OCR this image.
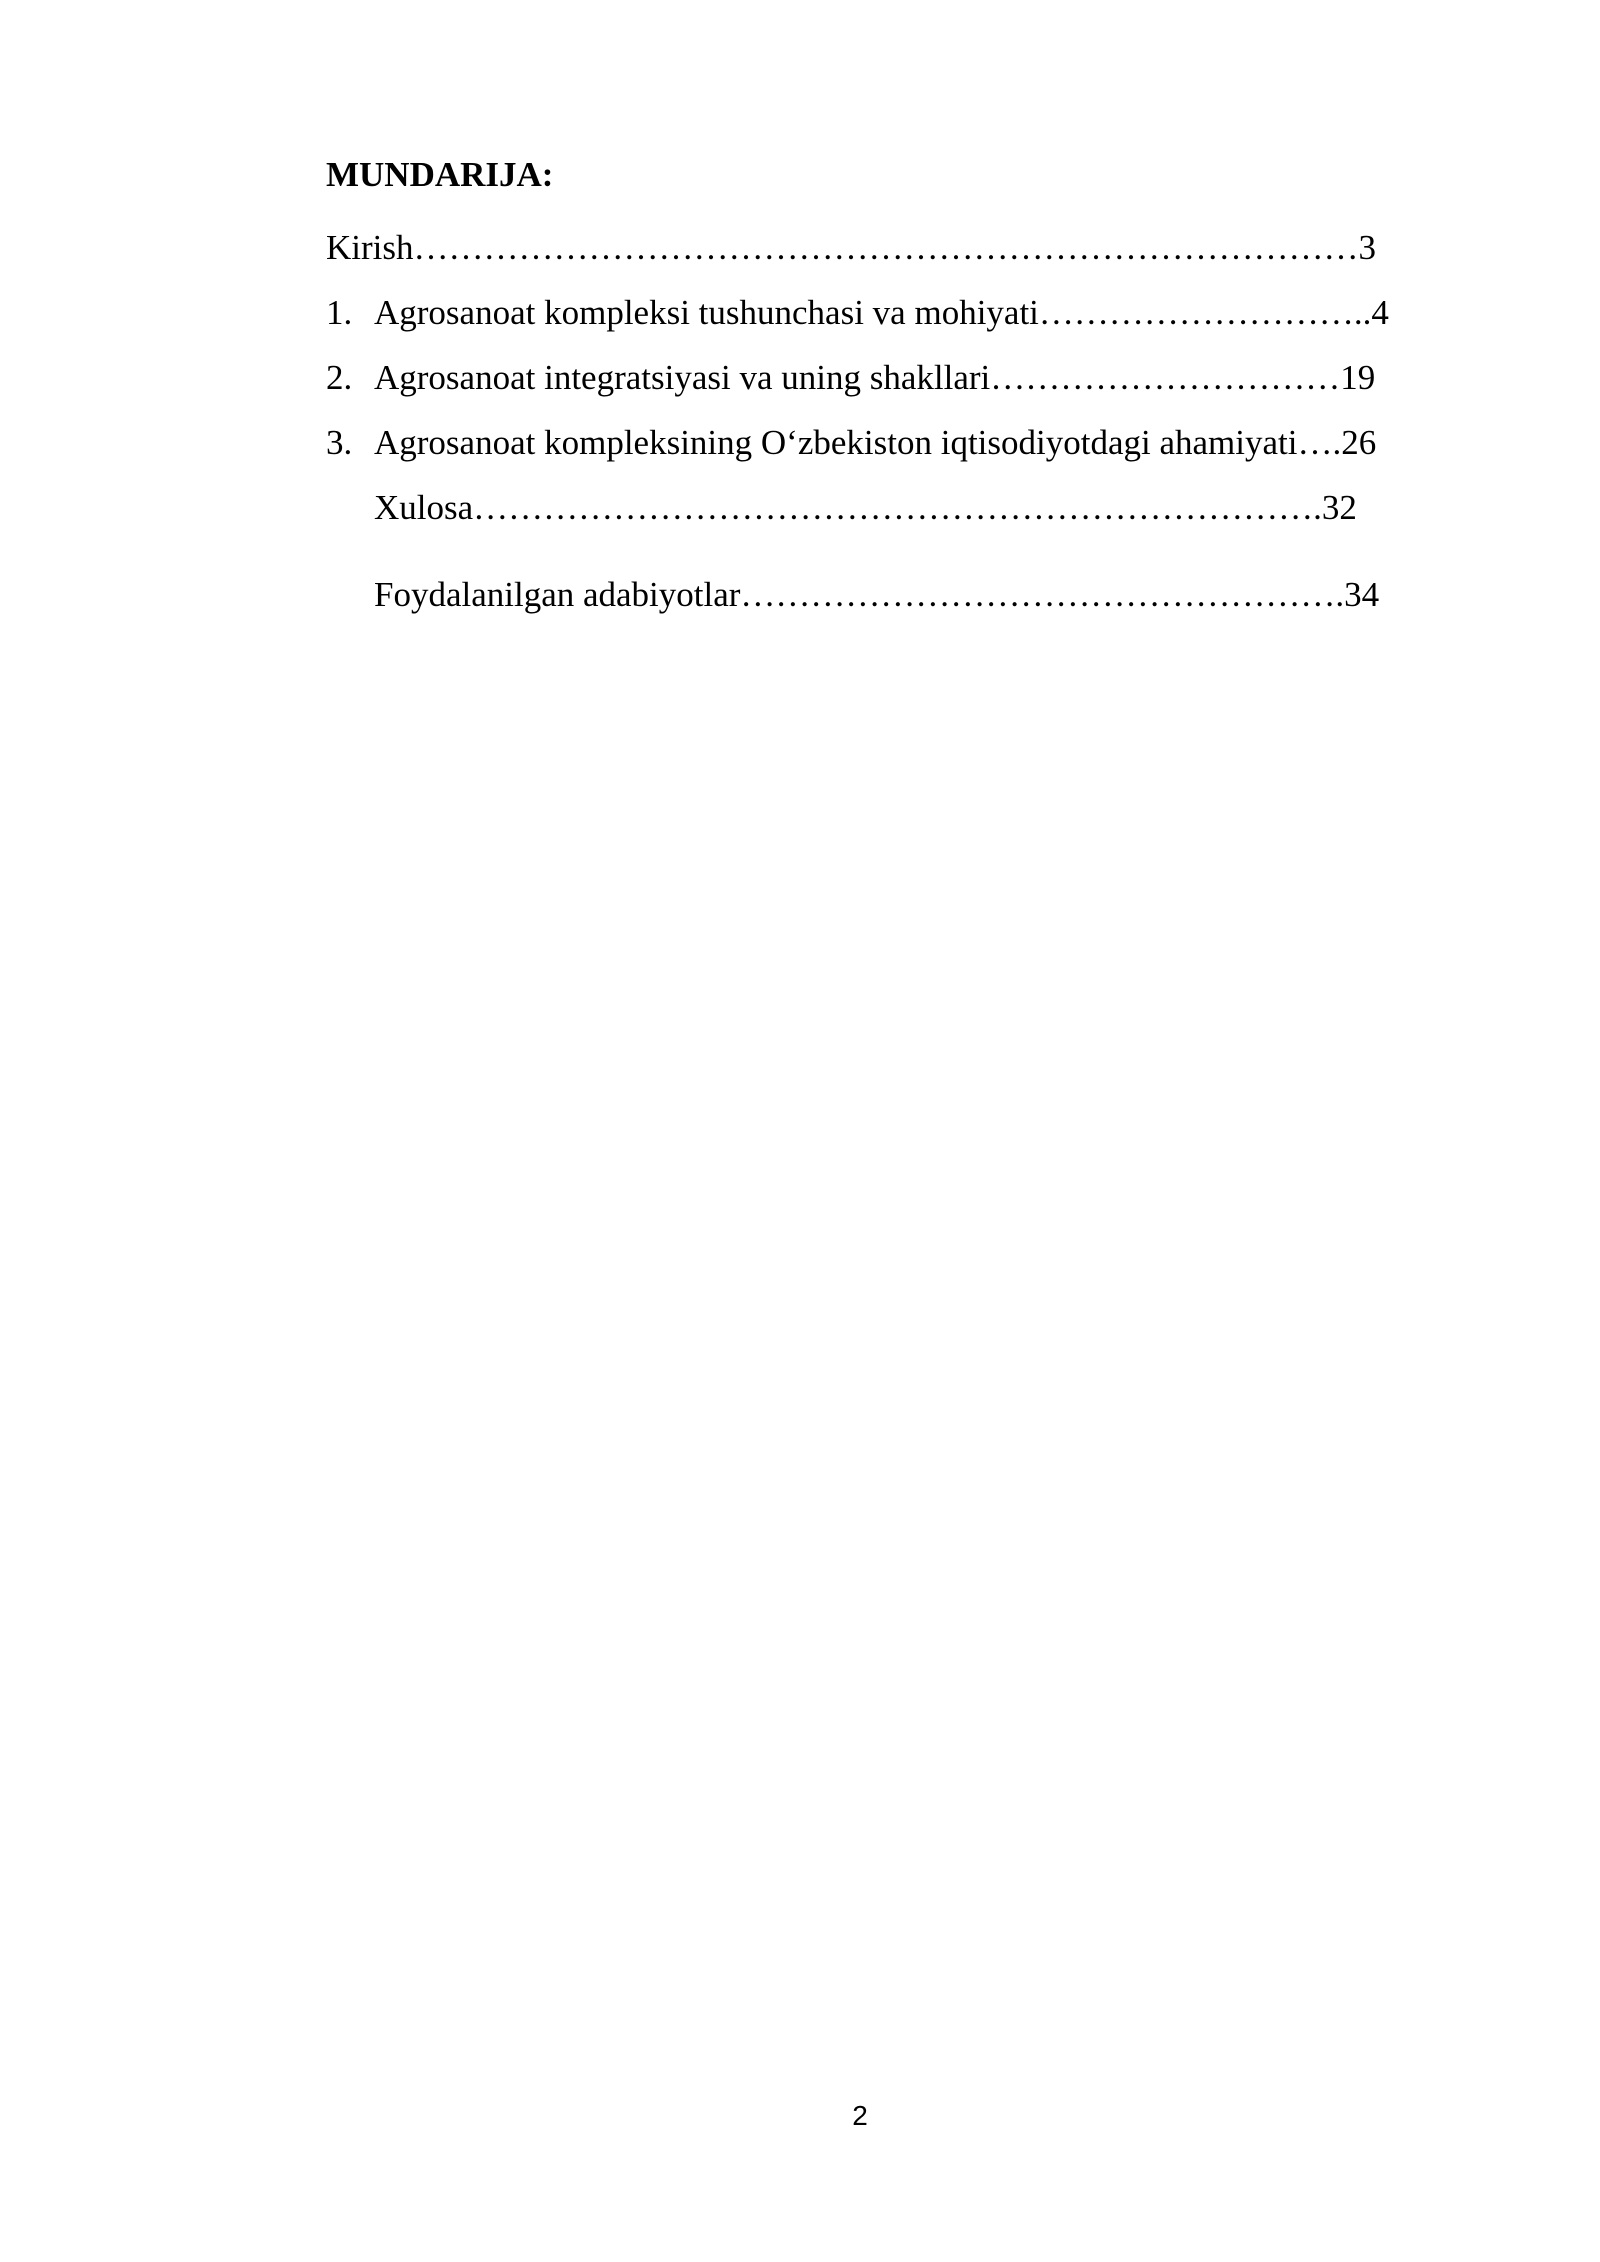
MUNDARIJA:
Kirish………………………………………………………………………3
1. Agrosanoat kompleksi tushunchasi va mohiyati………………………..4
2. Agrosanoat integratsiyasi va uning shakllari…………………………19
3. Agrosanoat kompleksining O‘zbekiston iqtisodiyotdagi ahamiyati….26
Xulosa……………………………………………………………….32
Foydalanilgan adabiyotlar…………………………………………….34
2
